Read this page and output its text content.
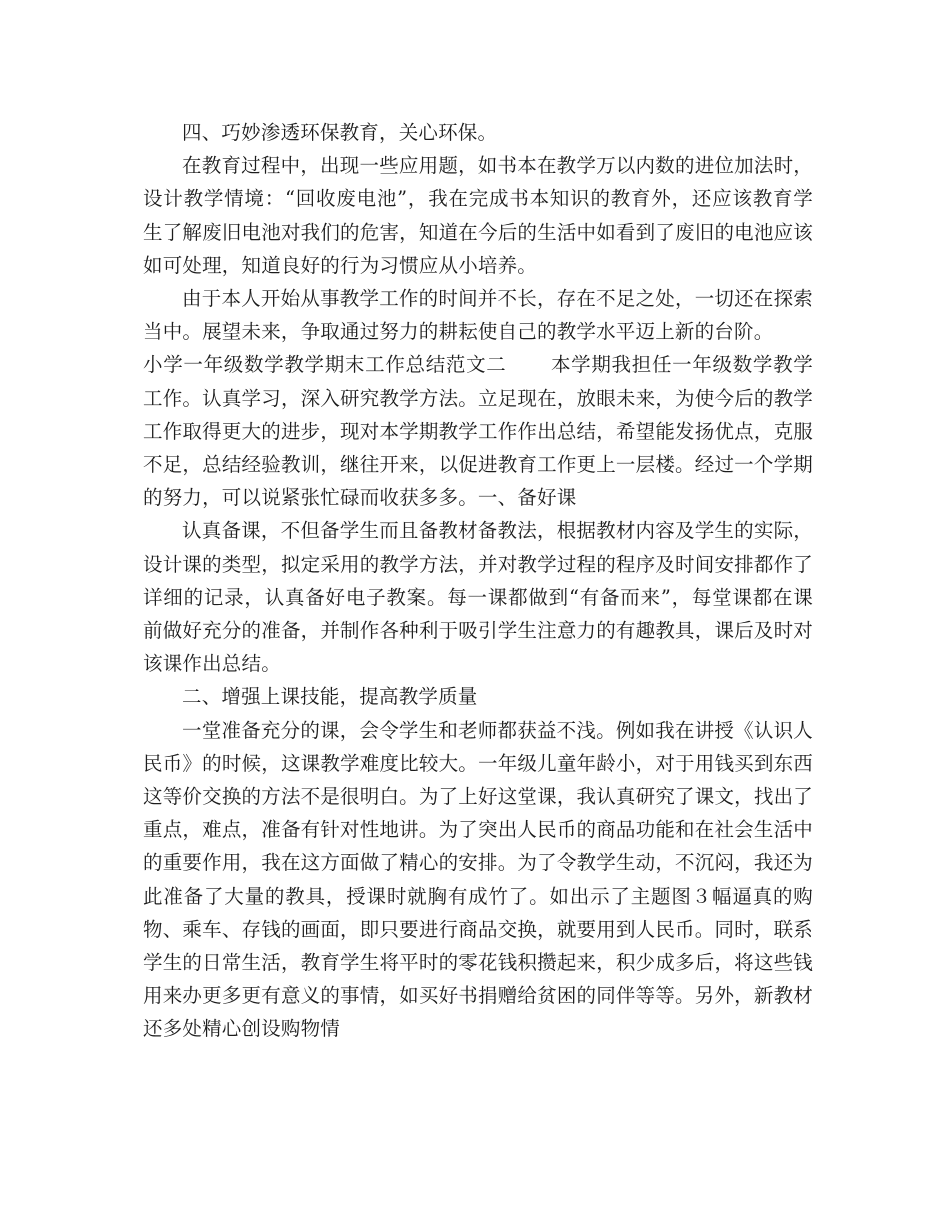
四、巧妙渗透环保教育，关心环保。

在教育过程中，出现一些应用题，如书本在教学万以内数的进位加法时，设计教学情境：“回收废电池”，我在完成书本知识的教育外，还应该教育学生了解废旧电池对我们的危害，知道在今后的生活中如看到了废旧的电池应该如可处理，知道良好的行为习惯应从小培养。

由于本人开始从事教学工作的时间并不长，存在不足之处，一切还在探索当中。展望未来，争取通过努力的耕耘使自己的教学水平迈上新的台阶。

小学一年级数学教学期末工作总结范文二 本学期我担任一年级数学教学工作。认真学习，深入研究教学方法。立足现在，放眼未来，为使今后的教学工作取得更大的进步，现对本学期教学工作作出总结，希望能发扬优点，克服不足，总结经验教训，继往开来，以促进教育工作更上一层楼。经过一个学期的努力，可以说紧张忙碌而收获多多。一、备好课

认真备课，不但备学生而且备教材备教法，根据教材内容及学生的实际，设计课的类型，拟定采用的教学方法，并对教学过程的程序及时间安排都作了详细的记录，认真备好电子教案。每一课都做到“有备而来”，每堂课都在课前做好充分的准备，并制作各种利于吸引学生注意力的有趣教具，课后及时对该课作出总结。

二、增强上课技能，提高教学质量

一堂准备充分的课，会令学生和老师都获益不浅。例如我在讲授《认识人民币》的时候，这课教学难度比较大。一年级儿童年龄小，对于用钱买到东西这等价交换的方法不是很明白。为了上好这堂课，我认真研究了课文，找出了重点，难点，准备有针对性地讲。为了突出人民币的商品功能和在社会生活中的重要作用，我在这方面做了精心的安排。为了令教学生动，不沉闷，我还为此准备了大量的教具，授课时就胸有成竹了。如出示了主题图３幅逼真的购物、乘车、存钱的画面，即只要进行商品交换，就要用到人民币。同时，联系学生的日常生活，教育学生将平时的零花钱积攒起来，积少成多后，将这些钱用来办更多更有意义的事情，如买好书捐赠给贫困的同伴等等。另外，新教材还多处精心创设购物情
